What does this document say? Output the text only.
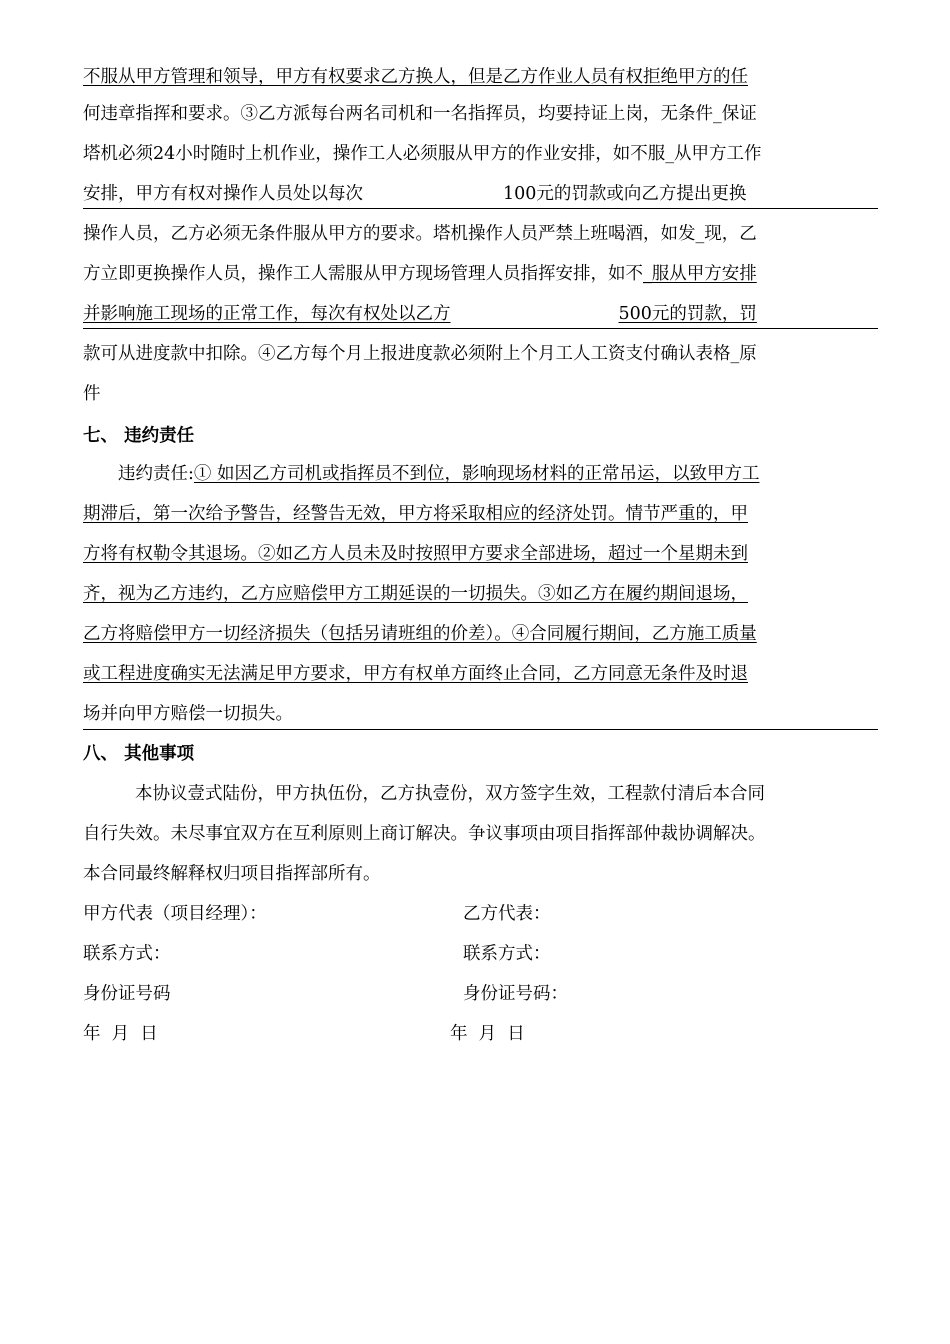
不服从甲方管理和领导，甲方有权要求乙方换人，但是乙方作业人员有权拒绝甲方的任
何违章指挥和要求。③乙方派每台两名司机和一名指挥员，均要持证上岗，无条件_保证
塔机必须24小时随时上机作业，操作工人必须服从甲方的作业安排，如不服_从甲方工作
安排，甲方有权对操作人员处以每次	100元的罚款或向乙方提出更换
操作人员，乙方必须无条件服从甲方的要求。塔机操作人员严禁上班喝酒，如发_现，乙
方立即更换操作人员，操作工人需服从甲方现场管理人员指挥安排，如不_服从甲方安排
并影响施工现场的正常工作，每次有权处以乙方	500元的罚款，罚
款可从进度款中扣除。④乙方每个月上报进度款必须附上个月工人工资支付确认表格_原
件
七、 违约责任
违约责任:① 如因乙方司机或指挥员不到位，影响现场材料的正常吊运，以致甲方工
期滞后，第一次给予警告，经警告无效，甲方将采取相应的经济处罚。情节严重的，甲
方将有权勒令其退场。②如乙方人员未及时按照甲方要求全部进场，超过一个星期未到
齐，视为乙方违约，乙方应赔偿甲方工期延误的一切损失。③如乙方在履约期间退场，
乙方将赔偿甲方一切经济损失（包括另请班组的价差）。④合同履行期间，乙方施工质量
或工程进度确实无法满足甲方要求，甲方有权单方面终止合同，乙方同意无条件及时退
场并向甲方赔偿一切损失。
八、 其他事项
本协议壹式陆份，甲方执伍份，乙方执壹份，双方签字生效，工程款付清后本合同
自行失效。未尽事宜双方在互利原则上商订解决。争议事项由项目指挥部仲裁协调解决。
本合同最终解释权归项目指挥部所有。
甲方代表（项目经理）：	乙方代表：
联系方式：	联系方式：
身份证号码	身份证号码：
年  月  日	年  月  日
